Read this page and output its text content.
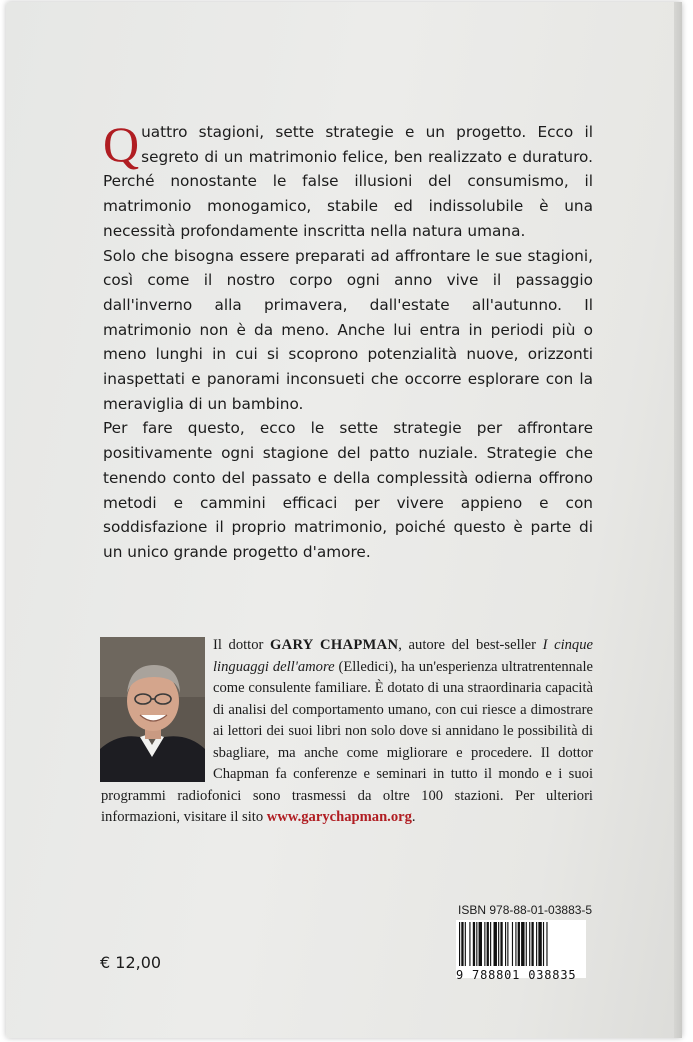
Quattro stagioni, sette strategie e un progetto. Ecco il segreto di un matrimonio felice, ben realizzato e duraturo. Perché nonostante le false illusioni del consumismo, il matrimonio monogamico, stabile ed indissolubile è una necessità profondamente inscritta nella natura umana.

Solo che bisogna essere preparati ad affrontare le sue stagioni, così come il nostro corpo ogni anno vive il passaggio dall'inverno alla primavera, dall'estate all'autunno. Il matrimonio non è da meno. Anche lui entra in periodi più o meno lunghi in cui si scoprono potenzialità nuove, orizzonti inaspettati e panorami inconsueti che occorre esplorare con la meraviglia di un bambino.

Per fare questo, ecco le sette strategie per affrontare positivamente ogni stagione del patto nuziale. Strategie che tenendo conto del passato e della complessità odierna offrono metodi e cammini efficaci per vivere appieno e con soddisfazione il proprio matrimonio, poiché questo è parte di un unico grande progetto d'amore.

Il dottor GARY CHAPMAN, autore del best-seller I cinque linguaggi dell'amore (Elledici), ha un'esperienza ultratrentennale come consulente familiare. È dotato di una straordinaria capacità di analisi del comportamento umano, con cui riesce a dimostrare ai lettori dei suoi libri non solo dove si annidano le possibilità di sbagliare, ma anche come migliorare e procedere. Il dottor Chapman fa conferenze e seminari in tutto il mondo e i suoi programmi radiofonici sono trasmessi da oltre 100 stazioni. Per ulteriori informazioni, visitare il sito www.garychapman.org.
€ 12,00
ISBN 978-88-01-03883-5
9 788801 038835
